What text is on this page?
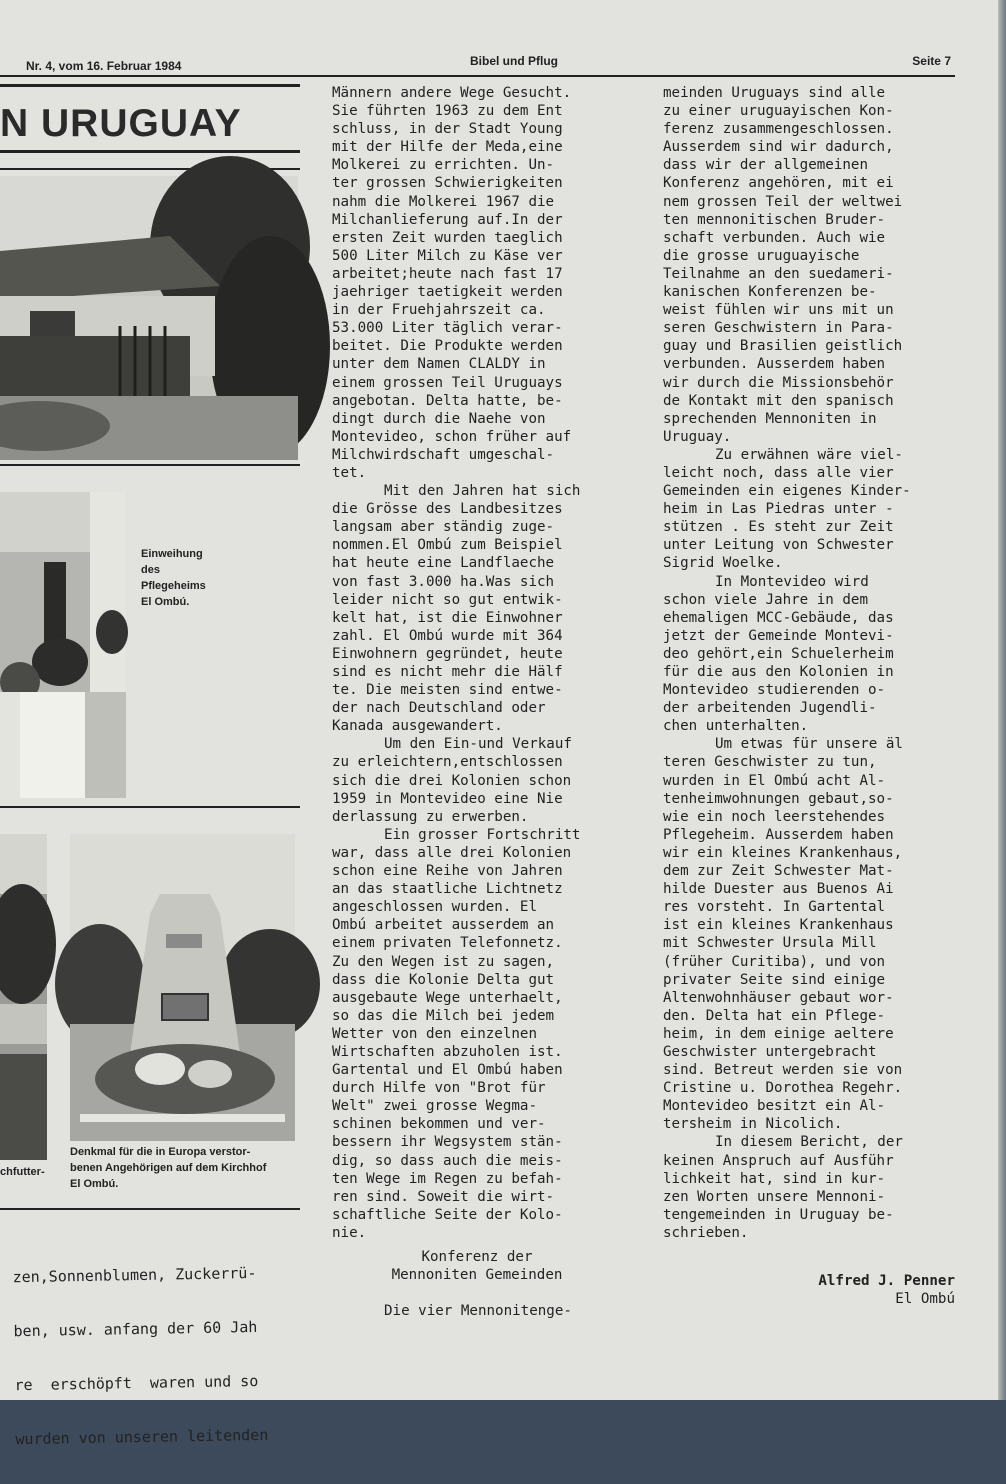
Nr. 4, vom 16. Februar 1984	Bibel und Pflug	Seite 7
N URUGUAY
Einweihung
des
Pflegeheims
El Ombú.
Denkmal für die in Europa verstor-
benen Angehörigen auf dem Kirchhof
El Ombú.
chfutter-

zen,Sonnenblumen, Zuckerrü-

ben, usw. anfang der 60 Jah

re  erschöpft  waren und so

wurden von unseren leitenden

Männern andere Wege Gesucht.
Sie führten 1963 zu dem Ent
schluss, in der Stadt Young
mit der Hilfe der Meda,eine
Molkerei zu errichten. Un-
ter grossen Schwierigkeiten
nahm die Molkerei 1967 die
Milchanlieferung auf.In der
ersten Zeit wurden taeglich
500 Liter Milch zu Käse ver
arbeitet;heute nach fast 17
jaehriger taetigkeit werden
in der Fruehjahrszeit ca.
53.000 Liter täglich verar-
beitet. Die Produkte werden
unter dem Namen CLALDY in
einem grossen Teil Uruguays
angebotan. Delta hatte, be-
dingt durch die Naehe von
Montevideo, schon früher auf
Milchwirdschaft umgeschal-
tet.
Mit den Jahren hat sich
die Grösse des Landbesitzes
langsam aber ständig zuge-
nommen.El Ombú zum Beispiel
hat heute eine Landflaeche
von fast 3.000 ha.Was sich
leider nicht so gut entwik-
kelt hat, ist die Einwohner
zahl. El Ombú wurde mit 364
Einwohnern gegründet, heute
sind es nicht mehr die Hälf
te. Die meisten sind entwe-
der nach Deutschland oder
Kanada ausgewandert.
Um den Ein-und Verkauf
zu erleichtern,entschlossen
sich die drei Kolonien schon
1959 in Montevideo eine Nie
derlassung zu erwerben.
Ein grosser Fortschritt
war, dass alle drei Kolonien
schon eine Reihe von Jahren
an das staatliche Lichtnetz
angeschlossen wurden. El
Ombú arbeitet ausserdem an
einem privaten Telefonnetz.
Zu den Wegen ist zu sagen,
dass die Kolonie Delta gut
ausgebaute Wege unterhaelt,
so das die Milch bei jedem
Wetter von den einzelnen
Wirtschaften abzuholen ist.
Gartental und El Ombú haben
durch Hilfe von "Brot für
Welt" zwei grosse Wegma-
schinen bekommen und ver-
bessern ihr Wegsystem stän-
dig, so dass auch die meis-
ten Wege im Regen zu befah-
ren sind. Soweit die wirt-
schaftliche Seite der Kolo-
nie.
Konferenz der
Mennoniten Gemeinden
Die vier Mennonitenge-
meinden Uruguays sind alle
zu einer uruguayischen Kon-
ferenz zusammengeschlossen.
Ausserdem sind wir dadurch,
dass wir der allgemeinen
Konferenz angehören, mit ei
nem grossen Teil der weltwei
ten mennonitischen Bruder-
schaft verbunden. Auch wie
die grosse uruguayische
Teilnahme an den suedameri-
kanischen Konferenzen be-
weist fühlen wir uns mit un
seren Geschwistern in Para-
guay und Brasilien geistlich
verbunden. Ausserdem haben
wir durch die Missionsbehör
de Kontakt mit den spanisch
sprechenden Mennoniten in
Uruguay.
Zu erwähnen wäre viel-
leicht noch, dass alle vier
Gemeinden ein eigenes Kinder-
heim in Las Piedras unter -
stützen . Es steht zur Zeit
unter Leitung von Schwester
Sigrid Woelke.
In Montevideo wird
schon viele Jahre in dem
ehemaligen MCC-Gebäude, das
jetzt der Gemeinde Montevi-
deo gehört,ein Schuelerheim
für die aus den Kolonien in
Montevideo studierenden o-
der arbeitenden Jugendli-
chen unterhalten.
Um etwas für unsere äl
teren Geschwister zu tun,
wurden in El Ombú acht Al-
tenheimwohnungen gebaut,so-
wie ein noch leerstehendes
Pflegeheim. Ausserdem haben
wir ein kleines Krankenhaus,
dem zur Zeit Schwester Mat-
hilde Duester aus Buenos Ai
res vorsteht. In Gartental
ist ein kleines Krankenhaus
mit Schwester Ursula Mill
(früher Curitiba), und von
privater Seite sind einige
Altenwohnhäuser gebaut wor-
den. Delta hat ein Pflege-
heim, in dem einige aeltere
Geschwister untergebracht
sind. Betreut werden sie von
Cristine u. Dorothea Regehr.
Montevideo besitzt ein Al-
tersheim in Nicolich.
In diesem Bericht, der
keinen Anspruch auf Ausführ
lichkeit hat, sind in kur-
zen Worten unsere Mennoni-
tengemeinden in Uruguay be-
schrieben.
Alfred J. Penner
El Ombú
